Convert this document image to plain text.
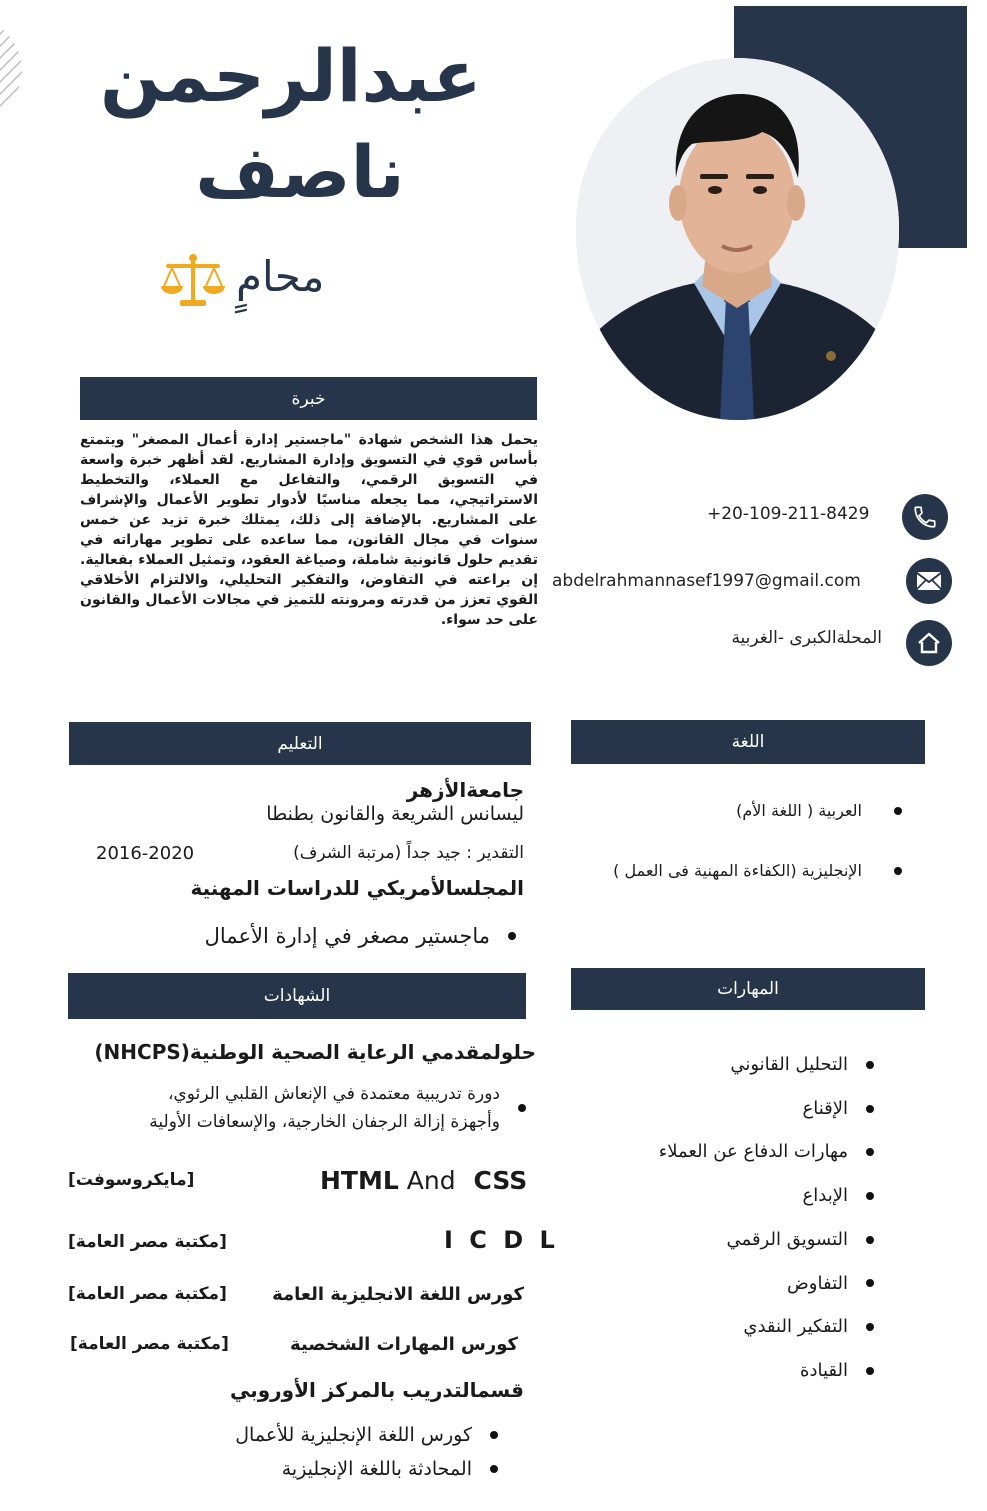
عبدالرحمن
ناصف
محامٍ
خبرة
يحمل هذا الشخص شهادة "ماجستير إدارة أعمال المصغر" ويتمتع بأساس قوي في التسويق وإدارة المشاريع. لقد أظهر خبرة واسعة في التسويق الرقمي، والتفاعل مع العملاء، والتخطيط الاستراتيجي، مما يجعله مناسبًا لأدوار تطوير الأعمال والإشراف على المشاريع. بالإضافة إلى ذلك، يمتلك خبرة تزيد عن خمس سنوات في مجال القانون، مما ساعده على تطوير مهاراته في تقديم حلول قانونية شاملة، وصياغة العقود، وتمثيل العملاء بفعالية. إن براعته في التفاوض، والتفكير التحليلي، والالتزام الأخلاقي القوي تعزز من قدرته ومرونته للتميز في مجالات الأعمال والقانون على حد سواء.
+20-109-211-8429
abdelrahmannasef1997@gmail.com
المحلةالكبرى -الغربية
التعليم
جامعةالأزهر
ليسانس الشريعة والقانون بطنطا
التقدير : جيد جداً (مرتبة الشرف)
2016-2020
المجلسالأمريكي للدراسات المهنية
ماجستير مصغر في إدارة الأعمال
الشهادات
حلولمقدمي الرعاية الصحية الوطنية(NHCPS)
دورة تدريبية معتمدة في الإنعاش القلبي الرئوي،
وأجهزة إزالة الرجفان الخارجية، والإسعافات الأولية
HTML And CSS
[مايكروسوفت]
I C D L
[مكتبة مصر العامة]
كورس اللغة الانجليزية العامة
[مكتبة مصر العامة]
كورس المهارات الشخصية
[مكتبة مصر العامة]
قسمالتدريب بالمركز الأوروبي
كورس اللغة الإنجليزية للأعمال
المحادثة باللغة الإنجليزية
اللغة
العربية ( اللغة الأم)
الإنجليزية (الكفاءة المهنية فى العمل )
المهارات
التحليل القانوني
الإقناع
مهارات الدفاع عن العملاء
الإبداع
التسويق الرقمي
التفاوض
التفكير النقدي
القيادة
